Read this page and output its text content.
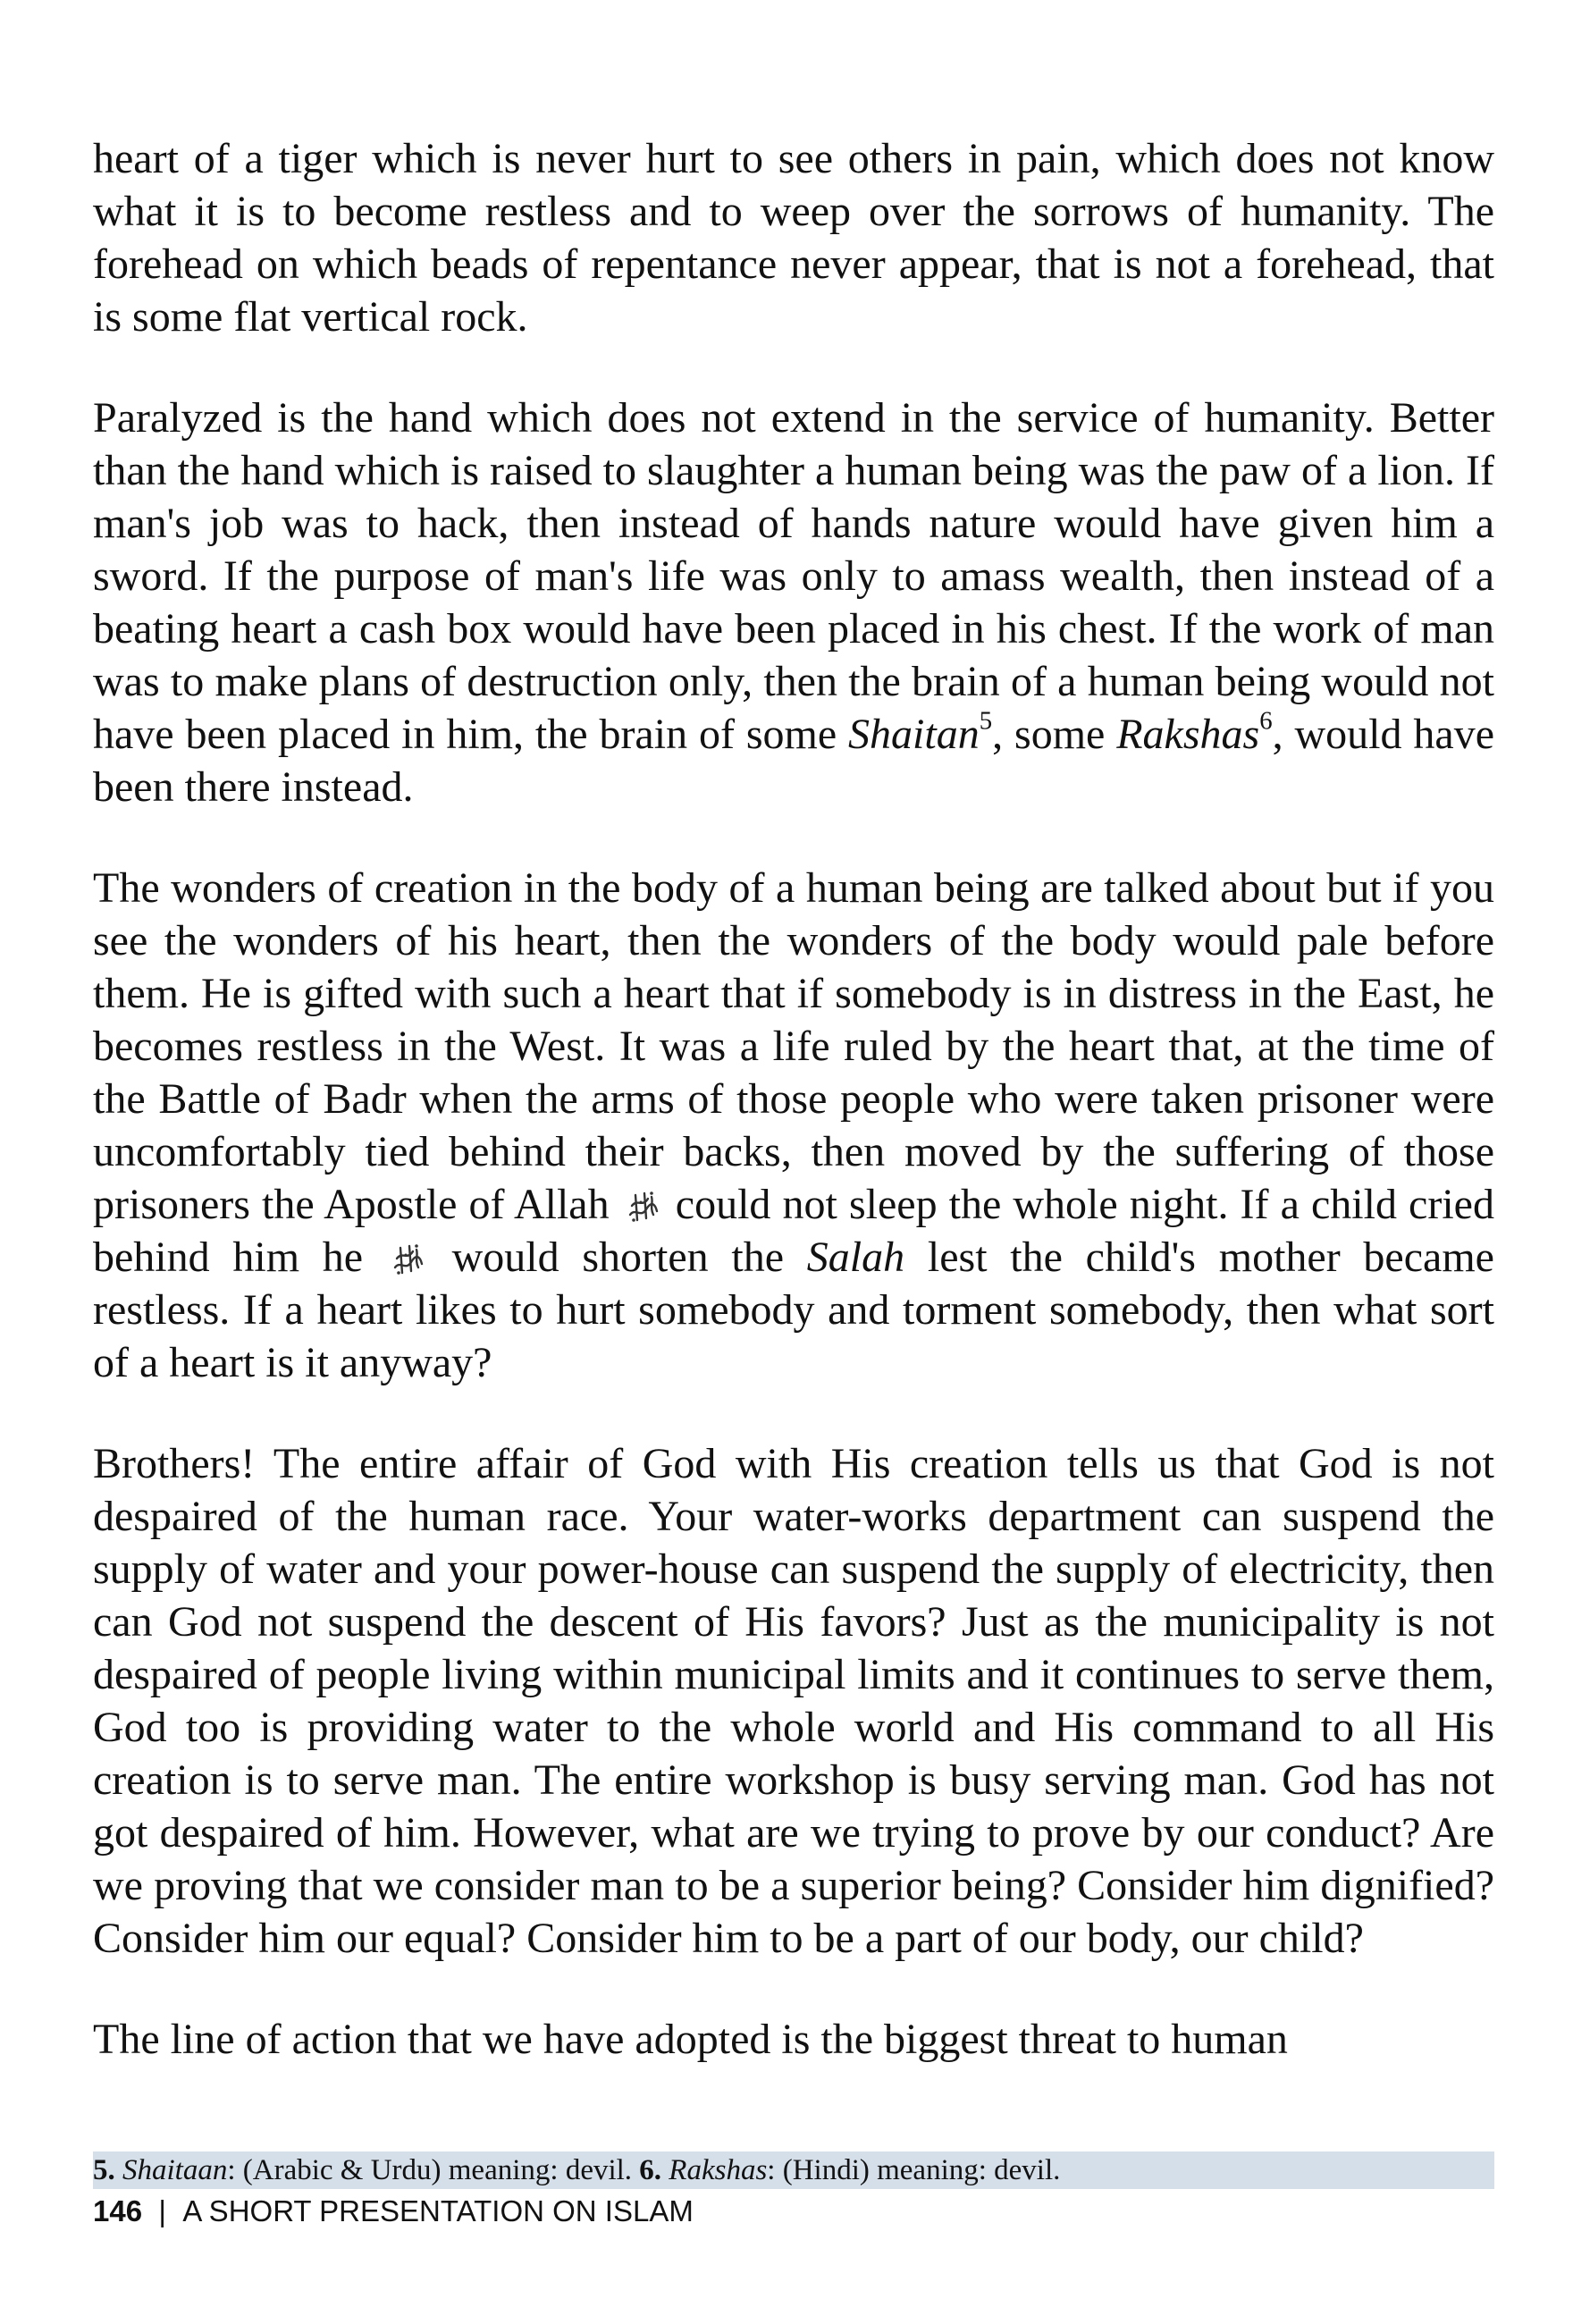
heart of a tiger which is never hurt to see others in pain, which does not know what it is to become restless and to weep over the sorrows of humanity. The forehead on which beads of repentance never appear, that is not a forehead, that is some flat vertical rock.

Paralyzed is the hand which does not extend in the service of humanity. Better than the hand which is raised to slaughter a human being was the paw of a lion. If man's job was to hack, then instead of hands nature would have given him a sword. If the purpose of man's life was only to amass wealth, then instead of a beating heart a cash box would have been placed in his chest. If the work of man was to make plans of destruction only, then the brain of a human being would not have been placed in him, the brain of some Shaitan$^5$, some Rakshas$^6$, would have been there instead.

The wonders of creation in the body of a human being are talked about but if you see the wonders of his heart, then the wonders of the body would pale before them. He is gifted with such a heart that if somebody is in distress in the East, he becomes restless in the West. It was a life ruled by the heart that, at the time of the Battle of Badr when the arms of those people who were taken prisoner were uncomfortably tied behind their backs, then moved by the suffering of those prisoners the Apostle of Allah  could not sleep the whole night. If a child cried behind him he  would shorten the Salah lest the child's mother became restless. If a heart likes to hurt somebody and torment somebody, then what sort of a heart is it anyway?

Brothers! The entire affair of God with His creation tells us that God is not despaired of the human race. Your water-works department can suspend the supply of water and your power-house can suspend the supply of electricity, then can God not suspend the descent of His favors? Just as the municipality is not despaired of people living within municipal limits and it continues to serve them, God too is providing water to the whole world and His command to all His creation is to serve man. The entire workshop is busy serving man. God has not got despaired of him. However, what are we trying to prove by our conduct? Are we proving that we consider man to be a superior being? Consider him dignified? Consider him our equal? Consider him to be a part of our body, our child?

The line of action that we have adopted is the biggest threat to human

5. Shaitaan: (Arabic & Urdu) meaning: devil. 6. Rakshas: (Hindi) meaning: devil.
146 | A SHORT PRESENTATION ON ISLAM
